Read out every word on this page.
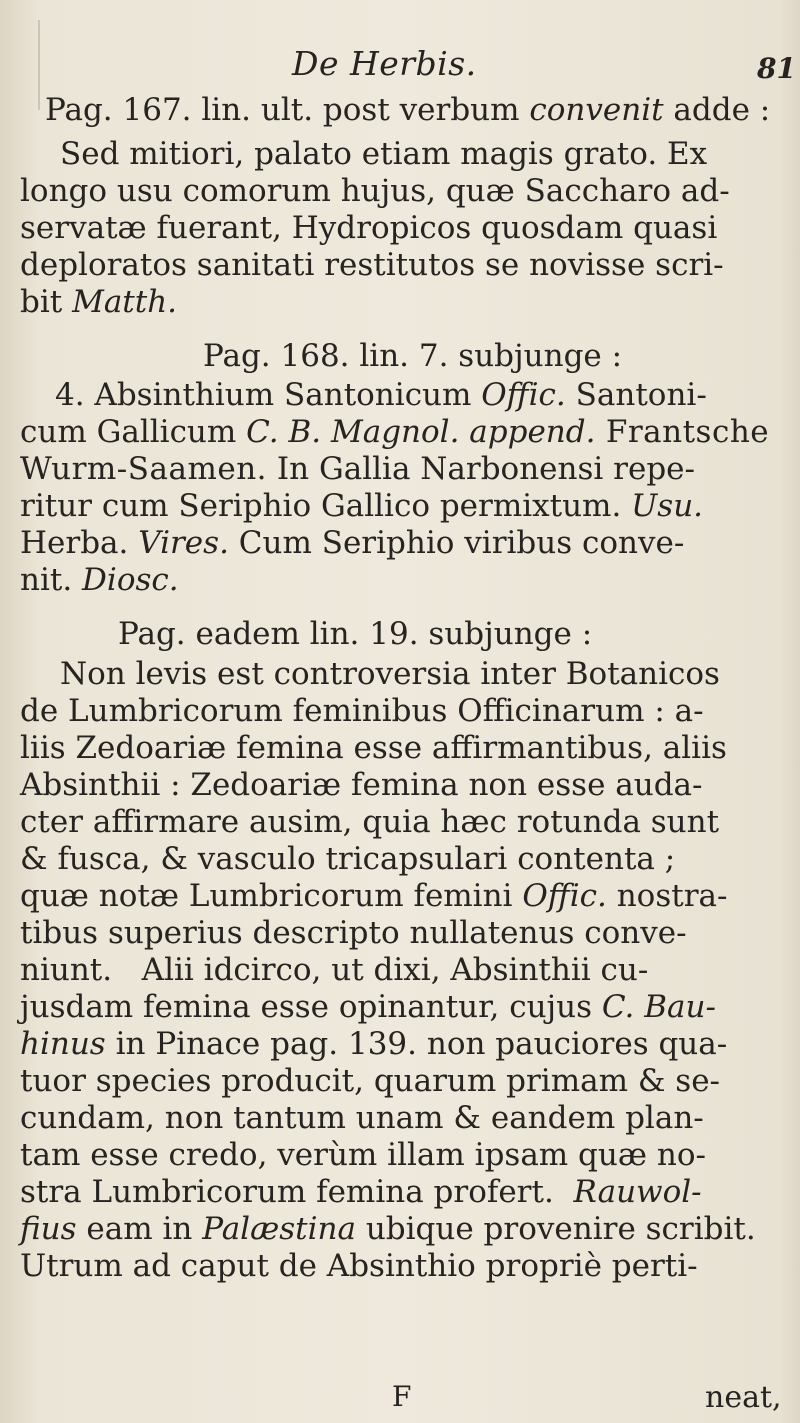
De Herbis.	81
Pag. 167. lin. ult. post verbum convenit adde :
Sed mitiori, palato etiam magis grato. Ex
longo usu comorum hujus, quæ Saccharo ad-
servatæ fuerant, Hydropicos quosdam quasi
deploratos sanitati restitutos se novisse scri-
bit Matth.
Pag. 168. lin. 7. subjunge :
4. Absinthium Santonicum Offic. Santoni-
cum Gallicum C. B. Magnol. append. Frantsche
Wurm-Saamen. In Gallia Narbonensi repe-
ritur cum Seriphio Gallico permixtum. Usu.
Herba. Vires. Cum Seriphio viribus conve-
nit. Diosc.
Pag. eadem lin. 19. subjunge :
Non levis est controversia inter Botanicos
de Lumbricorum feminibus Officinarum : a-
liis Zedoariæ femina esse affirmantibus, aliis
Absinthii : Zedoariæ femina non esse auda-
cter affirmare ausim, quia hæc rotunda sunt
& fusca, & vasculo tricapsulari contenta ;
quæ notæ Lumbricorum femini Offic. nostra-
tibus superius descripto nullatenus conve-
niunt.   Alii idcirco, ut dixi, Absinthii cu-
jusdam femina esse opinantur, cujus C. Bau-
hinus in Pinace pag. 139. non pauciores qua-
tuor species producit, quarum primam & se-
cundam, non tantum unam & eandem plan-
tam esse credo, verùm illam ipsam quæ no-
stra Lumbricorum femina profert.  Rauwol-
fius eam in Palæstina ubique provenire scribit.
Utrum ad caput de Absinthio propriè perti-
F	neat,
